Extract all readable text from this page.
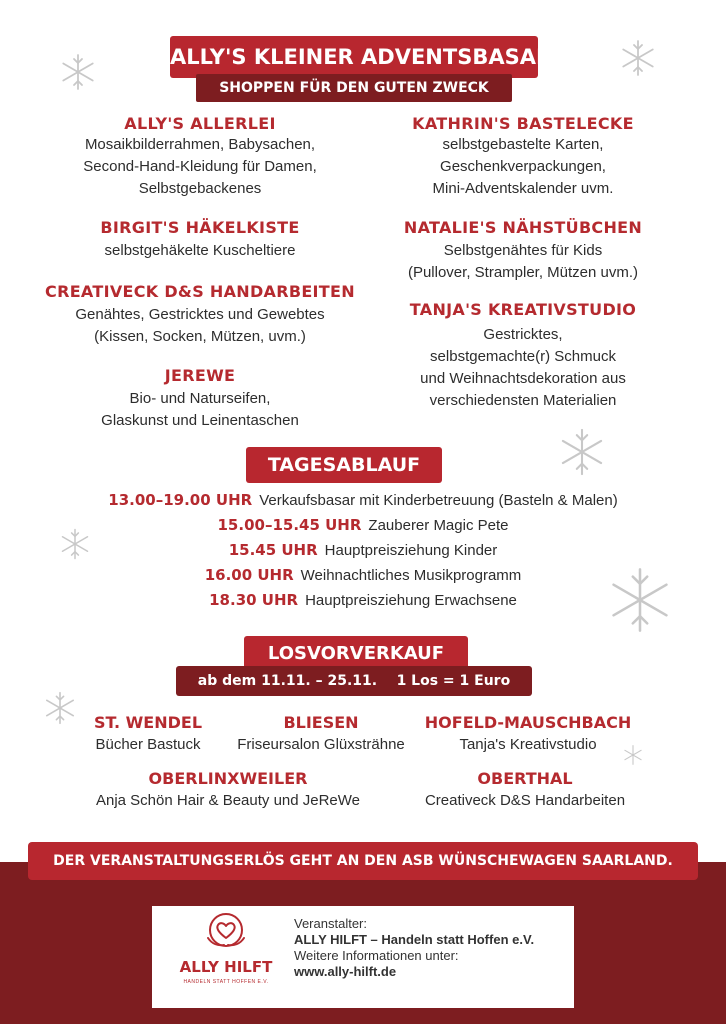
ALLY'S KLEINER ADVENTSBASAR
SHOPPEN FÜR DEN GUTEN ZWECK
ALLY'S ALLERLEI
Mosaikbilderrahmen, Babysachen,
Second-Hand-Kleidung für Damen,
Selbstgebackenes
BIRGIT'S HÄKELKISTE
selbstgehäkelte Kuscheltiere
CREATIVECK D&S HANDARBEITEN
Genähtes, Gestricktes und Gewebtes
(Kissen, Socken, Mützen, uvm.)
JEREWE
Bio- und Naturseifen,
Glaskunst und Leinentaschen
KATHRIN'S BASTELECKE
selbstgebastelte Karten,
Geschenkverpackungen,
Mini-Adventskalender uvm.
NATALIE'S NÄHSTÜBCHEN
Selbstgenähtes für Kids
(Pullover, Strampler, Mützen uvm.)
TANJA'S KREATIVSTUDIO
Gestricktes,
selbstgemachte(r) Schmuck
und Weihnachtsdekoration aus
verschiedensten Materialien
TAGESABLAUF
13.00–19.00 UHR Verkaufsbasar mit Kinderbetreuung (Basteln & Malen)
15.00–15.45 UHR Zauberer Magic Pete
15.45 UHR Hauptpreisziehung Kinder
16.00 UHR Weihnachtliches Musikprogramm
18.30 UHR Hauptpreisziehung Erwachsene
LOSVORVERKAUF
ab dem 11.11. – 25.11.    1 Los = 1 Euro
ST. WENDEL
Bücher Bastuck
BLIESEN
Friseursalon Glüxsträhne
HOFELD-MAUSCHBACH
Tanja's Kreativstudio
OBERLINXWEILER
Anja Schön Hair & Beauty und JeReWe
OBERTHAL
Creativeck D&S Handarbeiten
DER VERANSTALTUNGSERLÖS GEHT AN DEN ASB WÜNSCHEWAGEN SAARLAND.
ALLY HILFT
HANDELN STATT HOFFEN E.V.
Veranstalter:
ALLY HILFT – Handeln statt Hoffen e.V.
Weitere Informationen unter:
www.ally-hilft.de
